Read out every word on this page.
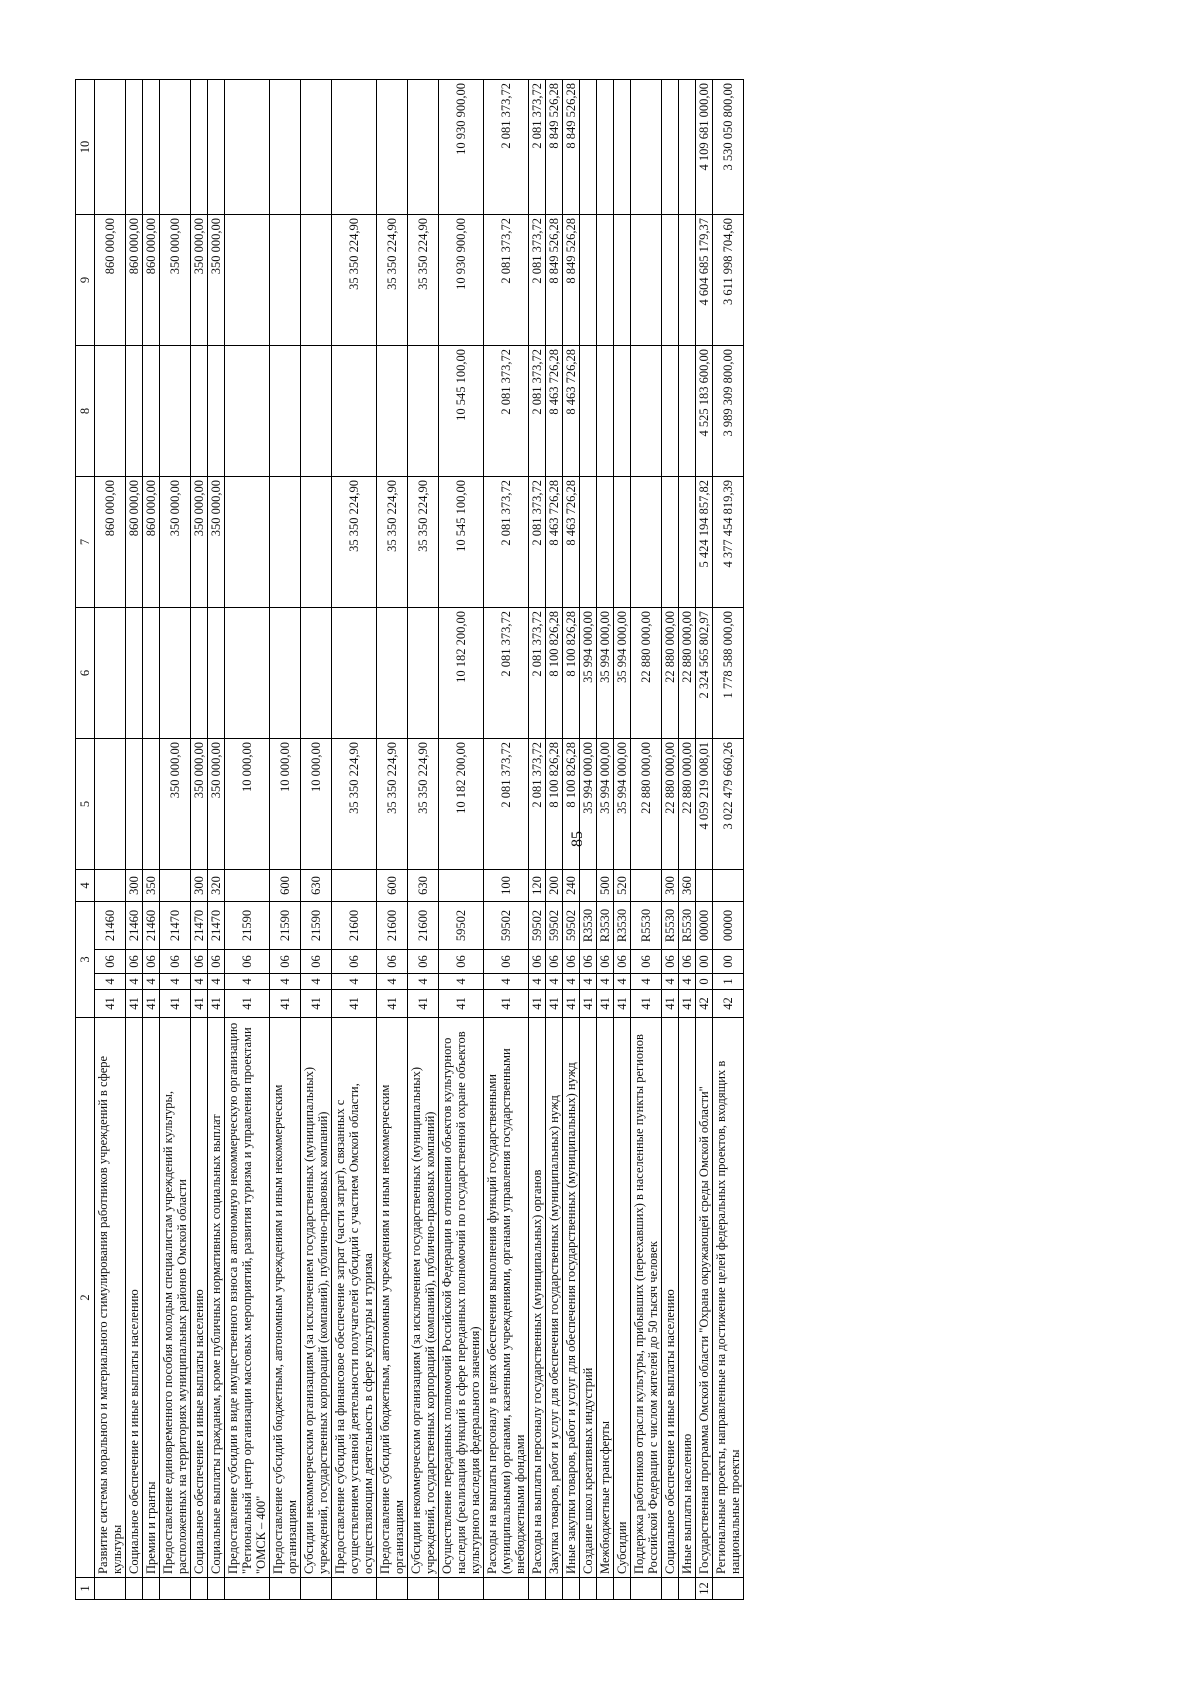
85
1	2	3				4	5	6	7	8	9	10
	Развитие системы морального и материального стимулирования работников учреждений в сфере культуры	41	4	06	21460				860 000,00		860 000,00	
	Социальное обеспечение и иные выплаты населению	41	4	06	21460	300			860 000,00		860 000,00	
	Премии и гранты	41	4	06	21460	350			860 000,00		860 000,00	
	Предоставление единовременного пособия молодым специалистам учреждений культуры, расположенных на территориях муниципальных районов Омской области	41	4	06	21470		350 000,00		350 000,00		350 000,00	
	Социальное обеспечение и иные выплаты населению	41	4	06	21470	300	350 000,00		350 000,00		350 000,00	
	Социальные выплаты гражданам, кроме публичных нормативных социальных выплат	41	4	06	21470	320	350 000,00		350 000,00		350 000,00	
	Предоставление субсидии в виде имущественного взноса в автономную некоммерческую организацию "Региональный центр организации массовых мероприятий, развития туризма и управления проектами "ОМСК – 400"	41	4	06	21590		10 000,00					
	Предоставление субсидий бюджетным, автономным учреждениям и иным некоммерческим организациям	41	4	06	21590	600	10 000,00					
	Субсидии некоммерческим организациям (за исключением государственных (муниципальных) учреждений, государственных корпораций (компаний), публично-правовых компаний)	41	4	06	21590	630	10 000,00					
	Предоставление субсидий на финансовое обеспечение затрат (части затрат), связанных с осуществлением уставной деятельности получателей субсидий с участием Омской области, осуществляющим деятельность в сфере культуры и туризма	41	4	06	21600		35 350 224,90		35 350 224,90		35 350 224,90	
	Предоставление субсидий бюджетным, автономным учреждениям и иным некоммерческим организациям	41	4	06	21600	600	35 350 224,90		35 350 224,90		35 350 224,90	
	Субсидии некоммерческим организациям (за исключением государственных (муниципальных) учреждений, государственных корпораций (компаний), публично-правовых компаний)	41	4	06	21600	630	35 350 224,90		35 350 224,90		35 350 224,90	
	Осуществление переданных полномочий Российской Федерации в отношении объектов культурного наследия (реализация функций в сфере переданных полномочий по государственной охране объектов культурного наследия федерального значения)	41	4	06	59502		10 182 200,00	10 182 200,00	10 545 100,00	10 545 100,00	10 930 900,00	10 930 900,00
	Расходы на выплаты персоналу в целях обеспечения выполнения функций государственными (муниципальными) органами, казенными учреждениями, органами управления государственными внебюджетными фондами	41	4	06	59502	100	2 081 373,72	2 081 373,72	2 081 373,72	2 081 373,72	2 081 373,72	2 081 373,72
	Расходы на выплаты персоналу государственных (муниципальных) органов	41	4	06	59502	120	2 081 373,72	2 081 373,72	2 081 373,72	2 081 373,72	2 081 373,72	2 081 373,72
	Закупка товаров, работ и услуг для обеспечения государственных (муниципальных) нужд	41	4	06	59502	200	8 100 826,28	8 100 826,28	8 463 726,28	8 463 726,28	8 849 526,28	8 849 526,28
	Иные закупки товаров, работ и услуг для обеспечения государственных (муниципальных) нужд	41	4	06	59502	240	8 100 826,28	8 100 826,28	8 463 726,28	8 463 726,28	8 849 526,28	8 849 526,28
	Создание школ креативных индустрий	41	4	06	R3530		35 994 000,00	35 994 000,00				
	Межбюджетные трансферты	41	4	06	R3530	500	35 994 000,00	35 994 000,00				
	Субсидии	41	4	06	R3530	520	35 994 000,00	35 994 000,00				
	Поддержка работников отрасли культуры, прибывших (переехавших) в населенные пункты регионов Российской Федерации с числом жителей до 50 тысяч человек	41	4	06	R5530		22 880 000,00	22 880 000,00				
	Социальное обеспечение и иные выплаты населению	41	4	06	R5530	300	22 880 000,00	22 880 000,00				
	Иные выплаты населению	41	4	06	R5530	360	22 880 000,00	22 880 000,00				
12	Государственная программа Омской области "Охрана окружающей среды Омской области"	42	0	00	00000		4 059 219 008,01	2 324 565 802,97	5 424 194 857,82	4 525 183 600,00	4 604 685 179,37	4 109 681 000,00
	Региональные проекты, направленные на достижение целей федеральных проектов, входящих в национальные проекты	42	1	00	00000		3 022 479 660,26	1 778 588 000,00	4 377 454 819,39	3 989 309 800,00	3 611 998 704,60	3 530 050 800,00
